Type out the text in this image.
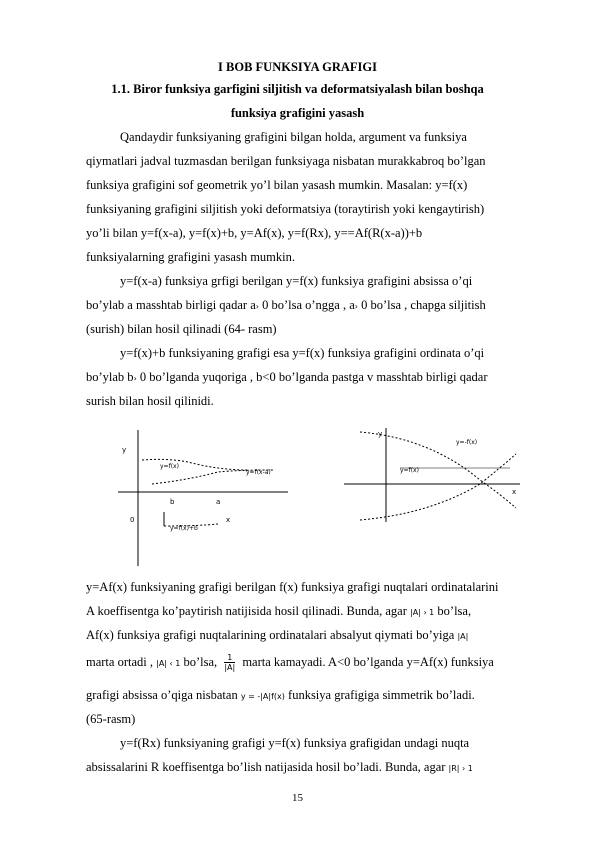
I BOB FUNKSIYA GRAFIGI
1.1. Biror funksiya garfigini siljitish va deformatsiyalash bilan boshqa
funksiya grafigini yasash
Qandaydir funksiyaning grafigini bilgan holda, argument va funksiya
qiymatlari jadval tuzmasdan berilgan funksiyaga nisbatan murakkabroq bo’lgan
funksiya grafigini sof geometrik yo’l bilan yasash mumkin. Masalan: y=f(x)
funksiyaning grafigini siljitish yoki deformatsiya (toraytirish yoki kengaytirish)
yo’li bilan y=f(x-a), y=f(x)+b, y=Af(x), y=f(Rx), y==Af(R(x-a))+b
funksiyalarning grafigini yasash mumkin.
y=f(x-a) funksiya grfigi berilgan y=f(x) funksiya grafigini absissa o’qi
bo’ylab a masshtab birligi qadar a› 0 bo’lsa o’ngga , a› 0 bo’lsa , chapga siljitish
(surish) bilan hosil qilinadi (64- rasm)
y=f(x)+b funksiyaning grafigi esa y=f(x) funksiya grafigini ordinata o’qi
bo’ylab b› 0 bo’lganda yuqoriga , b<0 bo’lganda pastga v masshtab birligi qadar
surish bilan hosil qilinidi.
y
y=f(x)
y=f(x-a)
b	a
0
y=f(x)+b
x
y
x
y=-f(x)
y=f(x)
y=Af(x) funksiyaning grafigi berilgan f(x) funksiya grafigi nuqtalari ordinatalarini
A koeffisentga ko’paytirish natijisida hosil qilinadi. Bunda, agar |A| › 1 bo’lsa,
Af(x) funksiya grafigi nuqtalarining ordinatalari absalyut qiymati bo’yiga |A|
marta ortadi , |A| ‹ 1 bo’lsa, $\frac{1}{|A|}$ marta kamayadi. A<0 bo’lganda y=Af(x) funksiya
grafigi absissa o’qiga nisbatan y = -|A|f(x) funksiya grafigiga simmetrik bo’ladi.
(65-rasm)
y=f(Rx) funksiyaning grafigi y=f(x) funksiya grafigidan undagi nuqta
absissalarini R koeffisentga bo’lish natijasida hosil bo’ladi. Bunda, agar |R| › 1
15
